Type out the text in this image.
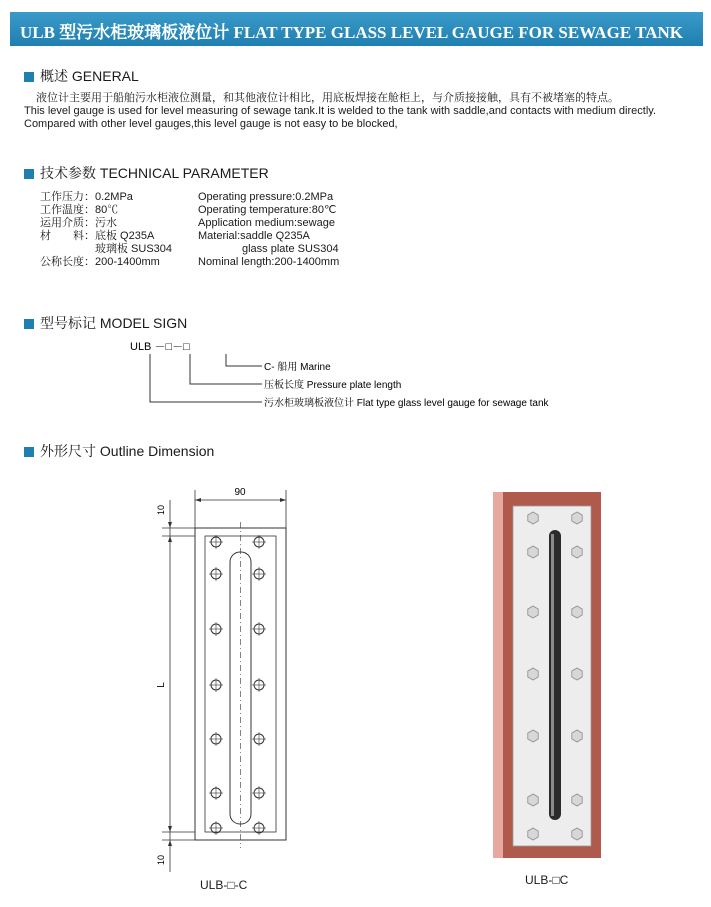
ULB 型污水柜玻璃板液位计 FLAT TYPE GLASS LEVEL GAUGE FOR SEWAGE TANK
概述 GENERAL

液位计主要用于船舶污水柜液位测量，和其他液位计相比，用底板焊接在舱柜上，与介质接接触，具有不被堵塞的特点。

This level gauge is used for level measuring of sewage tank.It is welded to the tank with saddle,and contacts with medium directly.

Compared with other level gauges,this level gauge is not easy to be blocked,

技术参数 TECHNICAL PARAMETER
工作压力：0.2MPa
工作温度：80℃
运用介质：污水
材　　料：底板 Q235A
　　　　　玻璃板 SUS304
公称长度：200-1400mm
Operating pressure:0.2MPa
Operating temperature:80℃
Application medium:sewage
Material:saddle Q235A
　　　　glass plate SUS304
Nominal length:200-1400mm
型号标记 MODEL SIGN
ULB －□－□
C- 船用 Marine
压板长度 Pressure plate length
污水柜玻璃板液位计 Flat type glass level gauge for sewage tank
外形尺寸 Outline Dimension
90
10
L
10
ULB-□-C	ULB-□C
